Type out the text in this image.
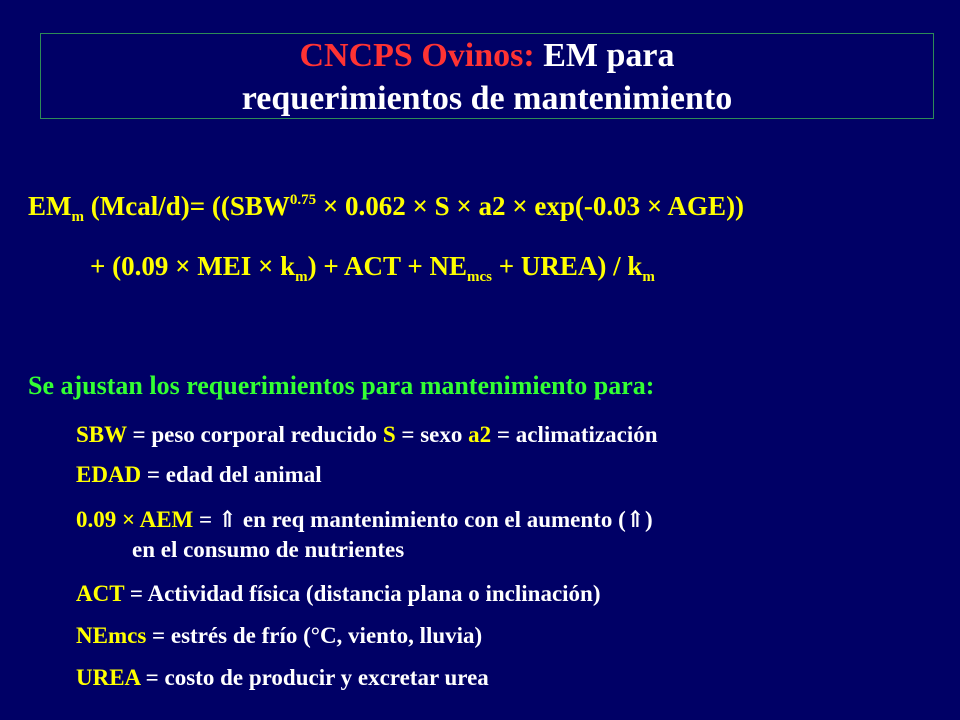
CNCPS Ovinos: EM para
requerimientos de mantenimiento
$EM_m$ (Mcal/d)= ($(SBW^{0.75} \times 0.062 \times S \times a2 \times \exp(-0.03 \times AGE))$
+ (0.09 × MEI × $k_m$) + ACT + $NE_{mcs}$ + UREA) / $k_m$
Se ajustan los requerimientos para mantenimiento para:
SBW = peso corporal reducido S = sexo a2 = aclimatización
EDAD = edad del animal
0.09 × AEM = ⇑ en req mantenimiento con el aumento (⇑)
en el consumo de nutrientes
ACT = Actividad física (distancia plana o inclinación)
NEmcs = estrés de frío (°C, viento, lluvia)
UREA = costo de producir y excretar urea
